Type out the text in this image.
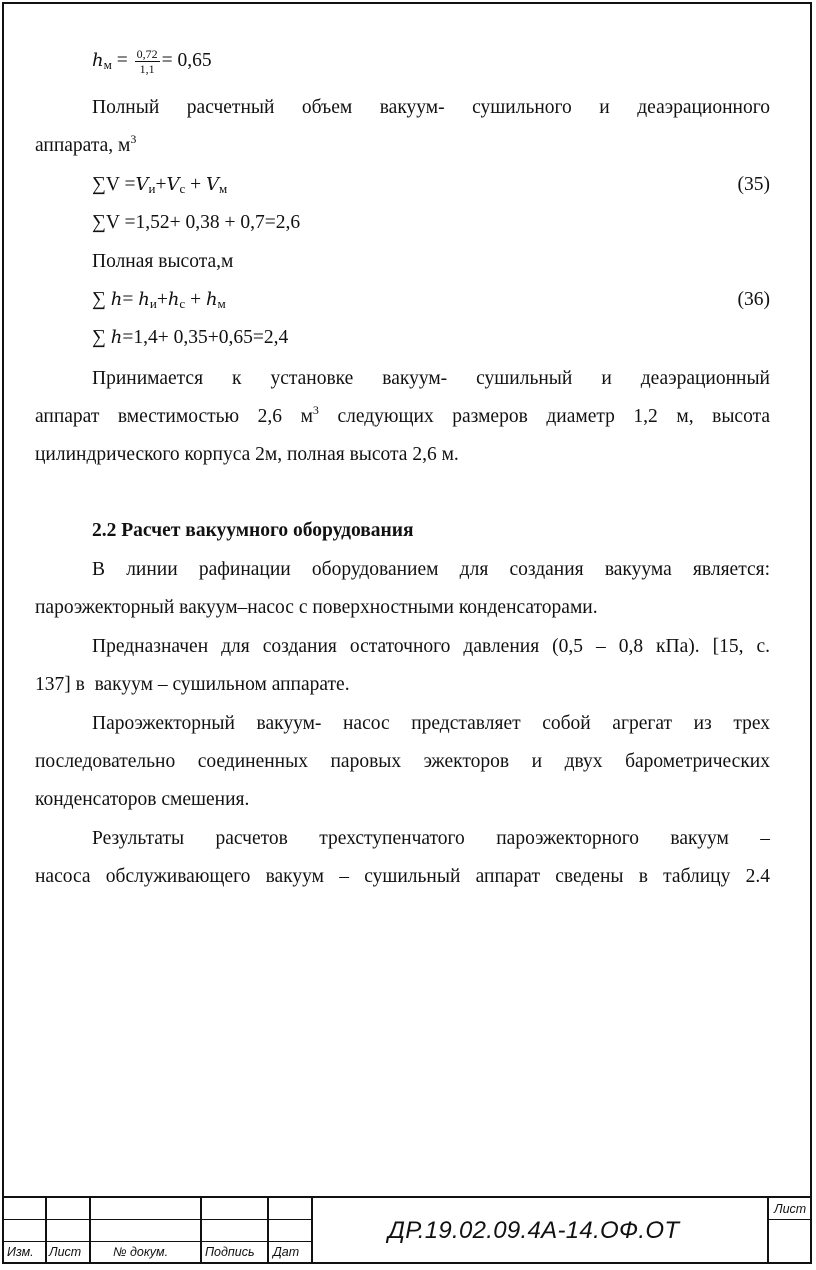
$h_м = \frac{0,72}{1,1} = 0,65$
Полный расчетный объем вакуум- сушильного и деаэрационного
аппарата, $м^3$
$\sum V =V_и+V_с + V_м$	(35)
∑V =1,52+ 0,38 + 0,7=2,6
Полная высота,м
∑ $h= h_и+h_с + h_м$	(36)
∑ h=1,4+ 0,35+0,65=2,4
Принимается к установке вакуум- сушильный и деаэрационный
аппарат вместимостью 2,6 $м^3$ следующих размеров диаметр 1,2 м, высота
цилиндрического корпуса 2м, полная высота 2,6 м.
2.2 Расчет вакуумного оборудования
В линии рафинации оборудованием для создания вакуума является:
пароэжекторный вакуум–насос с поверхностными конденсаторами.
Предназначен для создания остаточного давления (0,5 – 0,8 кПа). [15, с.
137] в  вакуум – сушильном аппарате.
Пароэжекторный вакуум- насос представляет собой агрегат из трех
последовательно соединенных паровых эжекторов и двух барометрических
конденсаторов смешения.
Результаты расчетов трехступенчатого пароэжекторного вакуум –
насоса обслуживающего вакуум – сушильный аппарат сведены в таблицу 2.4
Изм. Лист	№ докум.	Подпись Дат
Лист
ДР.19.02.09.4А-14.ОФ.ОТ
